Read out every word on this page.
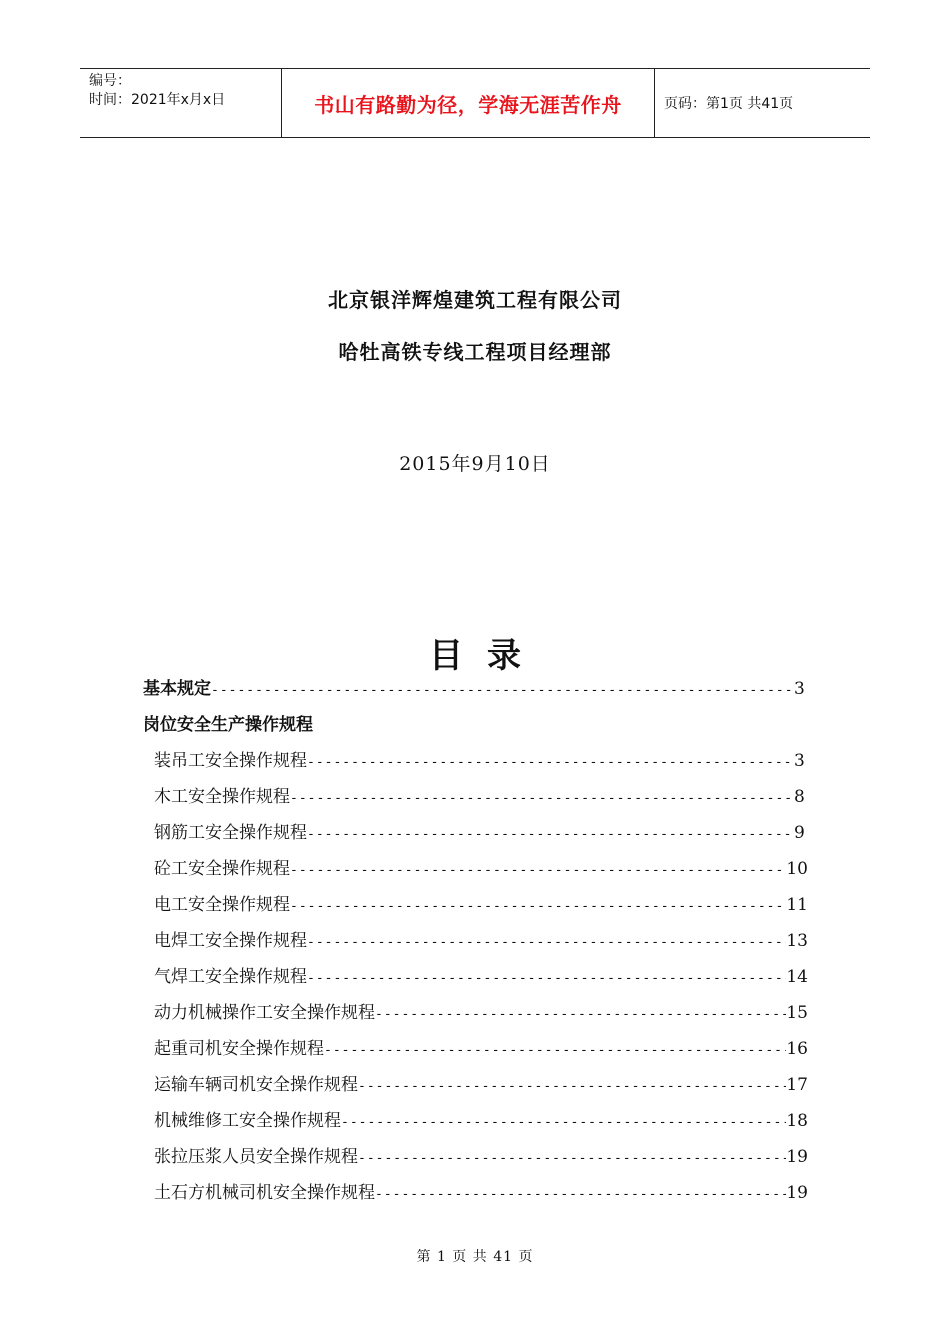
编号：
时间：2021年x月x日	书山有路勤为径，学海无涯苦作舟	页码：第1页 共41页
北京银洋辉煌建筑工程有限公司
哈牡高铁专线工程项目经理部
2015年9月10日
目录
基本规定 -----	3
岗位安全生产操作规程
装吊工安全操作规程 -----	3
木工安全操作规程 -----	8
钢筋工安全操作规程 -----	9
砼工安全操作规程 -----	10
电工安全操作规程 -----	11
电焊工安全操作规程 -----	13
气焊工安全操作规程 -----	14
动力机械操作工安全操作规程 -----	15
起重司机安全操作规程 -----	16
运输车辆司机安全操作规程 -----	17
机械维修工安全操作规程 -----	18
张拉压浆人员安全操作规程 -----	19
土石方机械司机安全操作规程 -----	19
第 1 页 共 41 页
